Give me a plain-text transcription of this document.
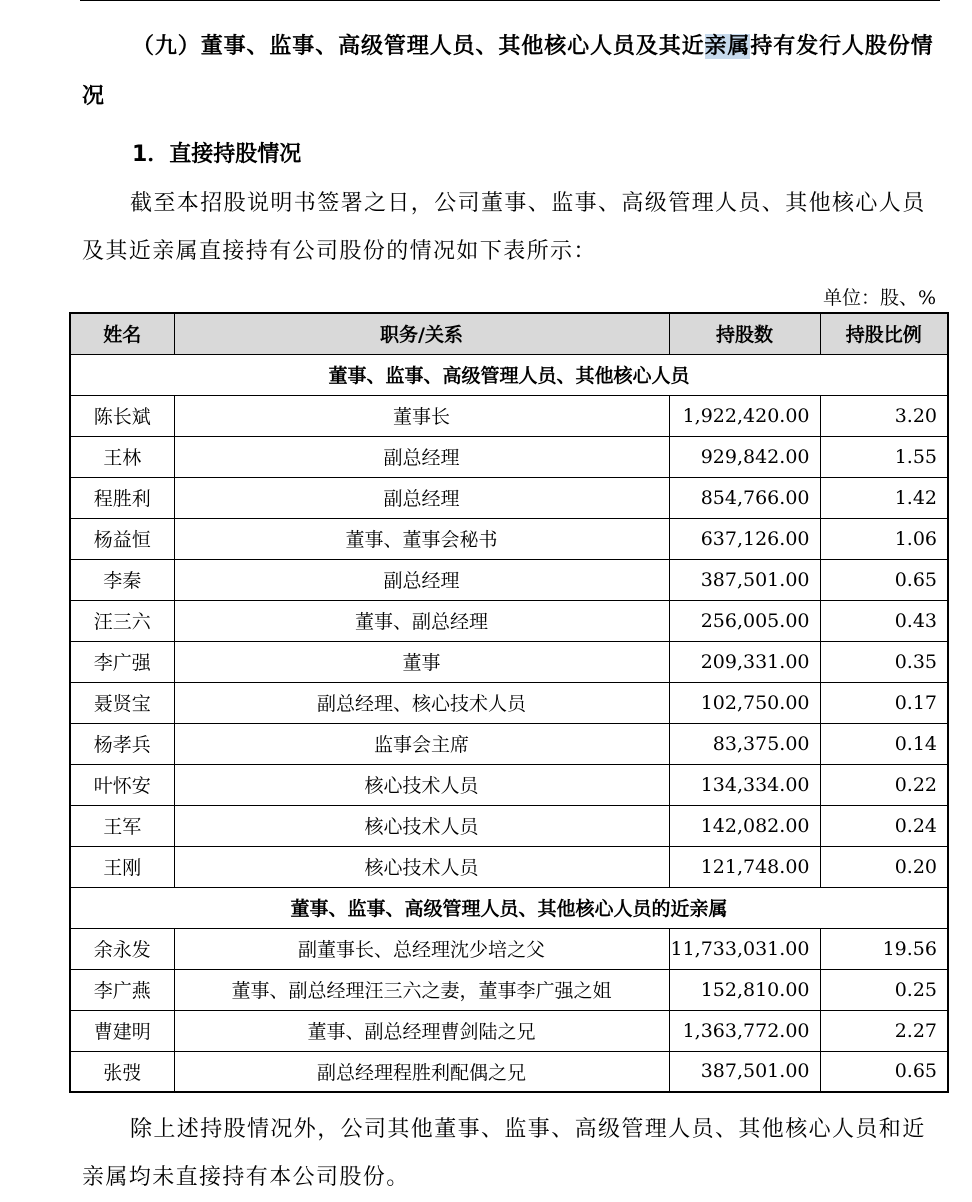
（九）董事、监事、高级管理人员、其他核心人员及其近亲属持有发行人股份情况
1．直接持股情况
截至本招股说明书签署之日，公司董事、监事、高级管理人员、其他核心人员及其近亲属直接持有公司股份的情况如下表所示：
单位：股、%
姓名	职务/关系	持股数	持股比例
董事、监事、高级管理人员、其他核心人员			
陈长斌	董事长	1,922,420.00	3.20
王林	副总经理	929,842.00	1.55
程胜利	副总经理	854,766.00	1.42
杨益恒	董事、董事会秘书	637,126.00	1.06
李秦	副总经理	387,501.00	0.65
汪三六	董事、副总经理	256,005.00	0.43
李广强	董事	209,331.00	0.35
聂贤宝	副总经理、核心技术人员	102,750.00	0.17
杨孝兵	监事会主席	83,375.00	0.14
叶怀安	核心技术人员	134,334.00	0.22
王军	核心技术人员	142,082.00	0.24
王刚	核心技术人员	121,748.00	0.20
董事、监事、高级管理人员、其他核心人员的近亲属			
余永发	副董事长、总经理沈少培之父	11,733,031.00	19.56
李广燕	董事、副总经理汪三六之妻，董事李广强之姐	152,810.00	0.25
曹建明	董事、副总经理曹剑陆之兄	1,363,772.00	2.27
张弢	副总经理程胜利配偶之兄	387,501.00	0.65
除上述持股情况外，公司其他董事、监事、高级管理人员、其他核心人员和近亲属均未直接持有本公司股份。
